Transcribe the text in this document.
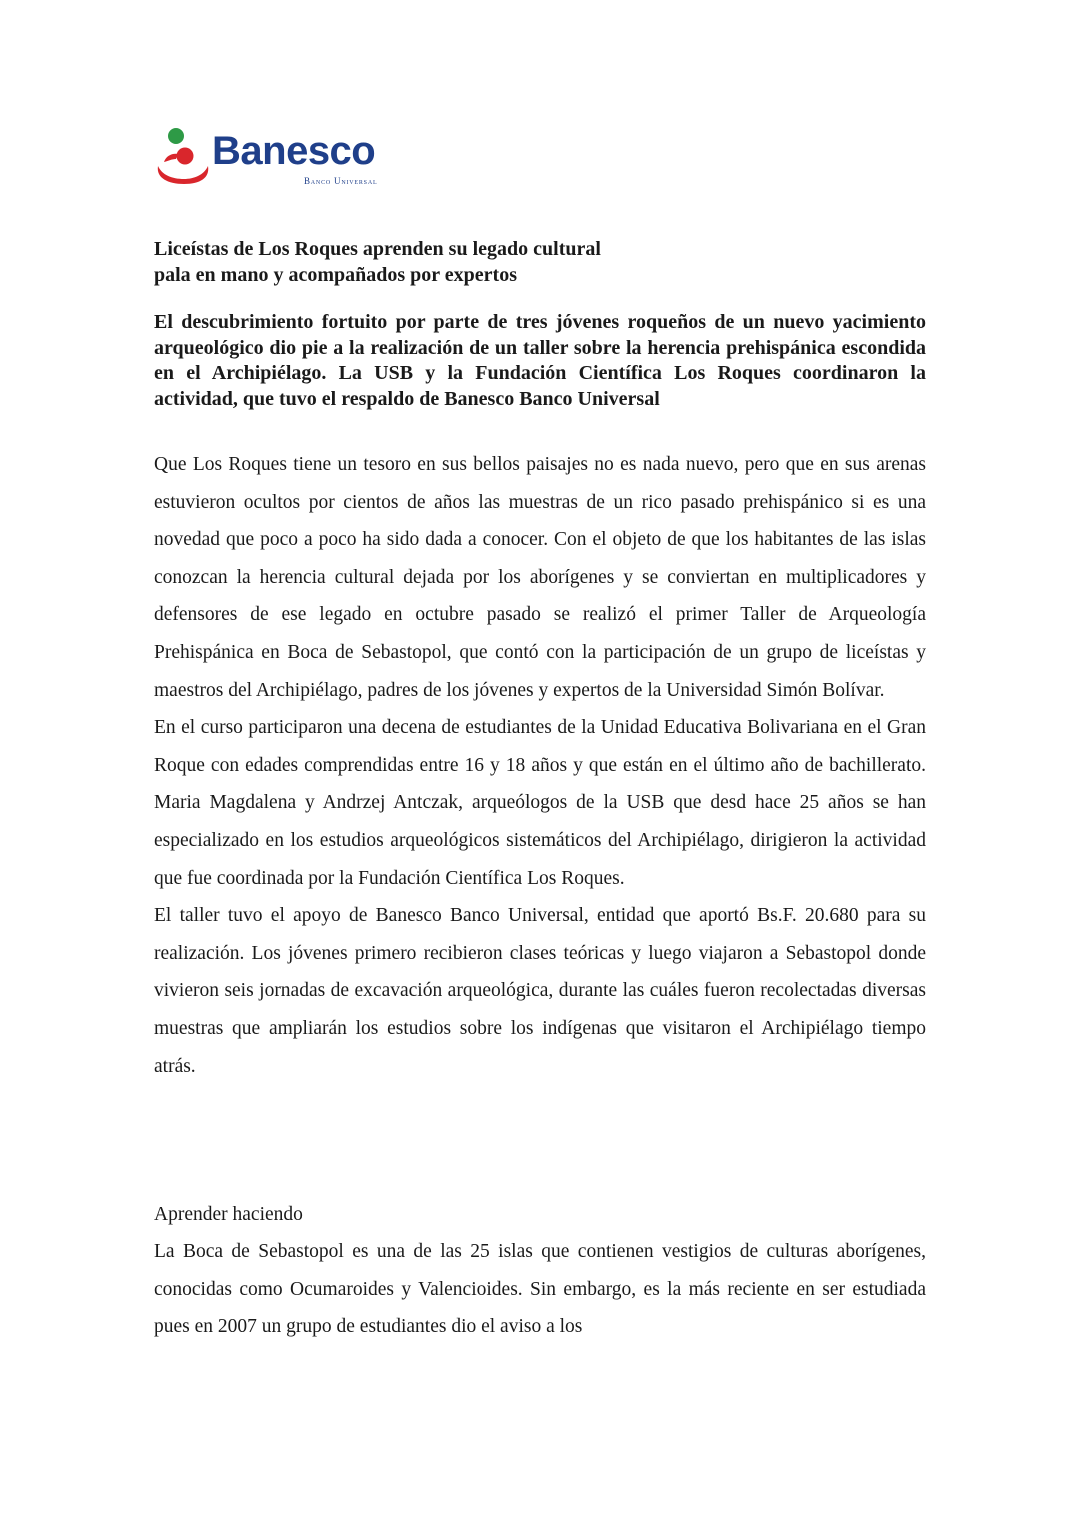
Banesco
Banco Universal
Liceístas de Los Roques aprenden su legado cultural
pala en mano y acompañados por expertos

El descubrimiento fortuito por parte de tres jóvenes roqueños de un nuevo yacimiento arqueológico dio pie a la realización de un taller sobre la herencia prehispánica escondida en el Archipiélago. La USB y la Fundación Científica Los Roques coordinaron la actividad, que tuvo el respaldo de Banesco Banco Universal

Que Los Roques tiene un tesoro en sus bellos paisajes no es nada nuevo, pero que en sus arenas estuvieron ocultos por cientos de años las muestras de un rico pasado prehispánico si es una novedad que poco a poco ha sido dada a conocer. Con el objeto de que los habitantes de las islas conozcan la herencia cultural dejada por los aborígenes y se conviertan en multiplicadores y defensores de ese legado en octubre pasado se realizó el primer Taller de Arqueología Prehispánica en Boca de Sebastopol, que contó con la participación de un grupo de liceístas y maestros del Archipiélago, padres de los jóvenes y expertos de la Universidad Simón Bolívar.

En el curso participaron una decena de estudiantes de la Unidad Educativa Bolivariana en el Gran Roque con edades comprendidas entre 16 y 18 años y que están en el último año de bachillerato. Maria Magdalena y Andrzej Antczak, arqueólogos de la USB que desd hace 25 años se han especializado en los estudios arqueológicos sistemáticos del Archipiélago, dirigieron la actividad que fue coordinada por la Fundación Científica Los Roques.

El taller tuvo el apoyo de Banesco Banco Universal, entidad que aportó Bs.F. 20.680 para su realización. Los jóvenes primero recibieron clases teóricas y luego viajaron a Sebastopol donde vivieron seis jornadas de excavación arqueológica, durante las cuáles fueron recolectadas diversas muestras que ampliarán los estudios sobre los indígenas que visitaron el Archipiélago tiempo atrás.

Aprender haciendo

La Boca de Sebastopol es una de las 25 islas que contienen vestigios de culturas aborígenes, conocidas como Ocumaroides y Valencioides. Sin embargo, es la más reciente en ser estudiada pues en 2007 un grupo de estudiantes dio el aviso a los
